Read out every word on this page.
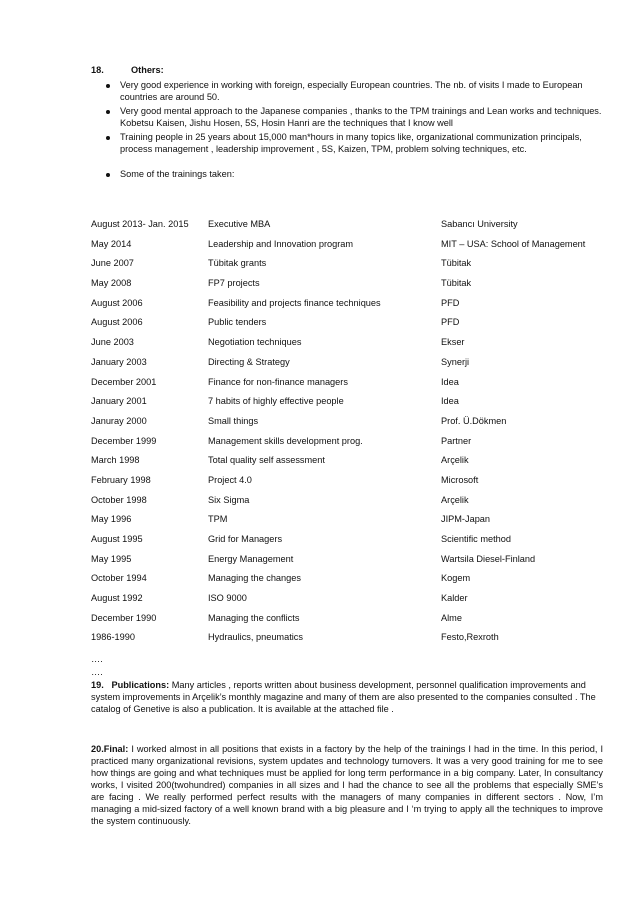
18.	Others:
Very good experience in working with foreign, especially European countries. The nb. of visits I made to European countries are around 50.
Very good mental approach to the Japanese companies , thanks to the TPM trainings and Lean works and techniques. Kobetsu Kaisen, Jishu Hosen, 5S, Hosin Hanri are the techniques that I know well
Training people in 25 years about 15,000 man*hours in many topics like, organizational communization principals, process management , leadership improvement , 5S, Kaizen, TPM, problem solving techniques, etc.
Some of the trainings taken:
August 2013- Jan. 2015	Executive MBA	Sabancı University
May 2014	Leadership and Innovation program	MIT – USA: School of Management
June 2007	Tübitak grants	Tübitak
May 2008	FP7 projects	Tübitak
August 2006	Feasibility and projects finance techniques	PFD
August 2006	Public tenders	PFD
June 2003	Negotiation techniques	Ekser
January 2003	Directing & Strategy	Synerji
December 2001	Finance for non-finance managers	Idea
January 2001	7 habits of highly effective people	Idea
Januray 2000	Small things	Prof. Ü.Dökmen
December 1999	Management skills development prog.	Partner
March 1998	Total quality self assessment	Arçelik
February 1998	Project 4.0	Microsoft
October 1998	Six Sigma	Arçelik
May 1996	TPM	JIPM-Japan
August 1995	Grid for Managers	Scientific method
May 1995	Energy Management	Wartsila Diesel-Finland
October 1994	Managing the changes	Kogem
August 1992	ISO 9000	Kalder
December 1990	Managing the conflicts	Alme
1986-1990	Hydraulics, pneumatics	Festo,Rexroth
….
….
19. Publications: Many articles , reports written about business development, personnel qualification improvements and system improvements in Arçelik’s monthly magazine and many of them are also presented to the companies consulted . The catalog of Genetive is also a publication. It is available at the attached file .
20.Final: I worked almost in all positions that exists in a factory by the help of the trainings I had in the time. In this period, I practiced many organizational revisions, system updates and technology turnovers. It was a very good training for me to see how things are going and what techniques must be applied for long term performance in a big company. Later, In consultancy works, I visited 200(twohundred) companies in all sizes and I had the chance to see all the problems that especially SME’s are facing . We really performed perfect results with the managers of many companies in different sectors . Now, I’m managing a mid-sized factory of a well known brand with a big pleasure and I ‘m trying to apply all the techniques to improve the system continuously.
